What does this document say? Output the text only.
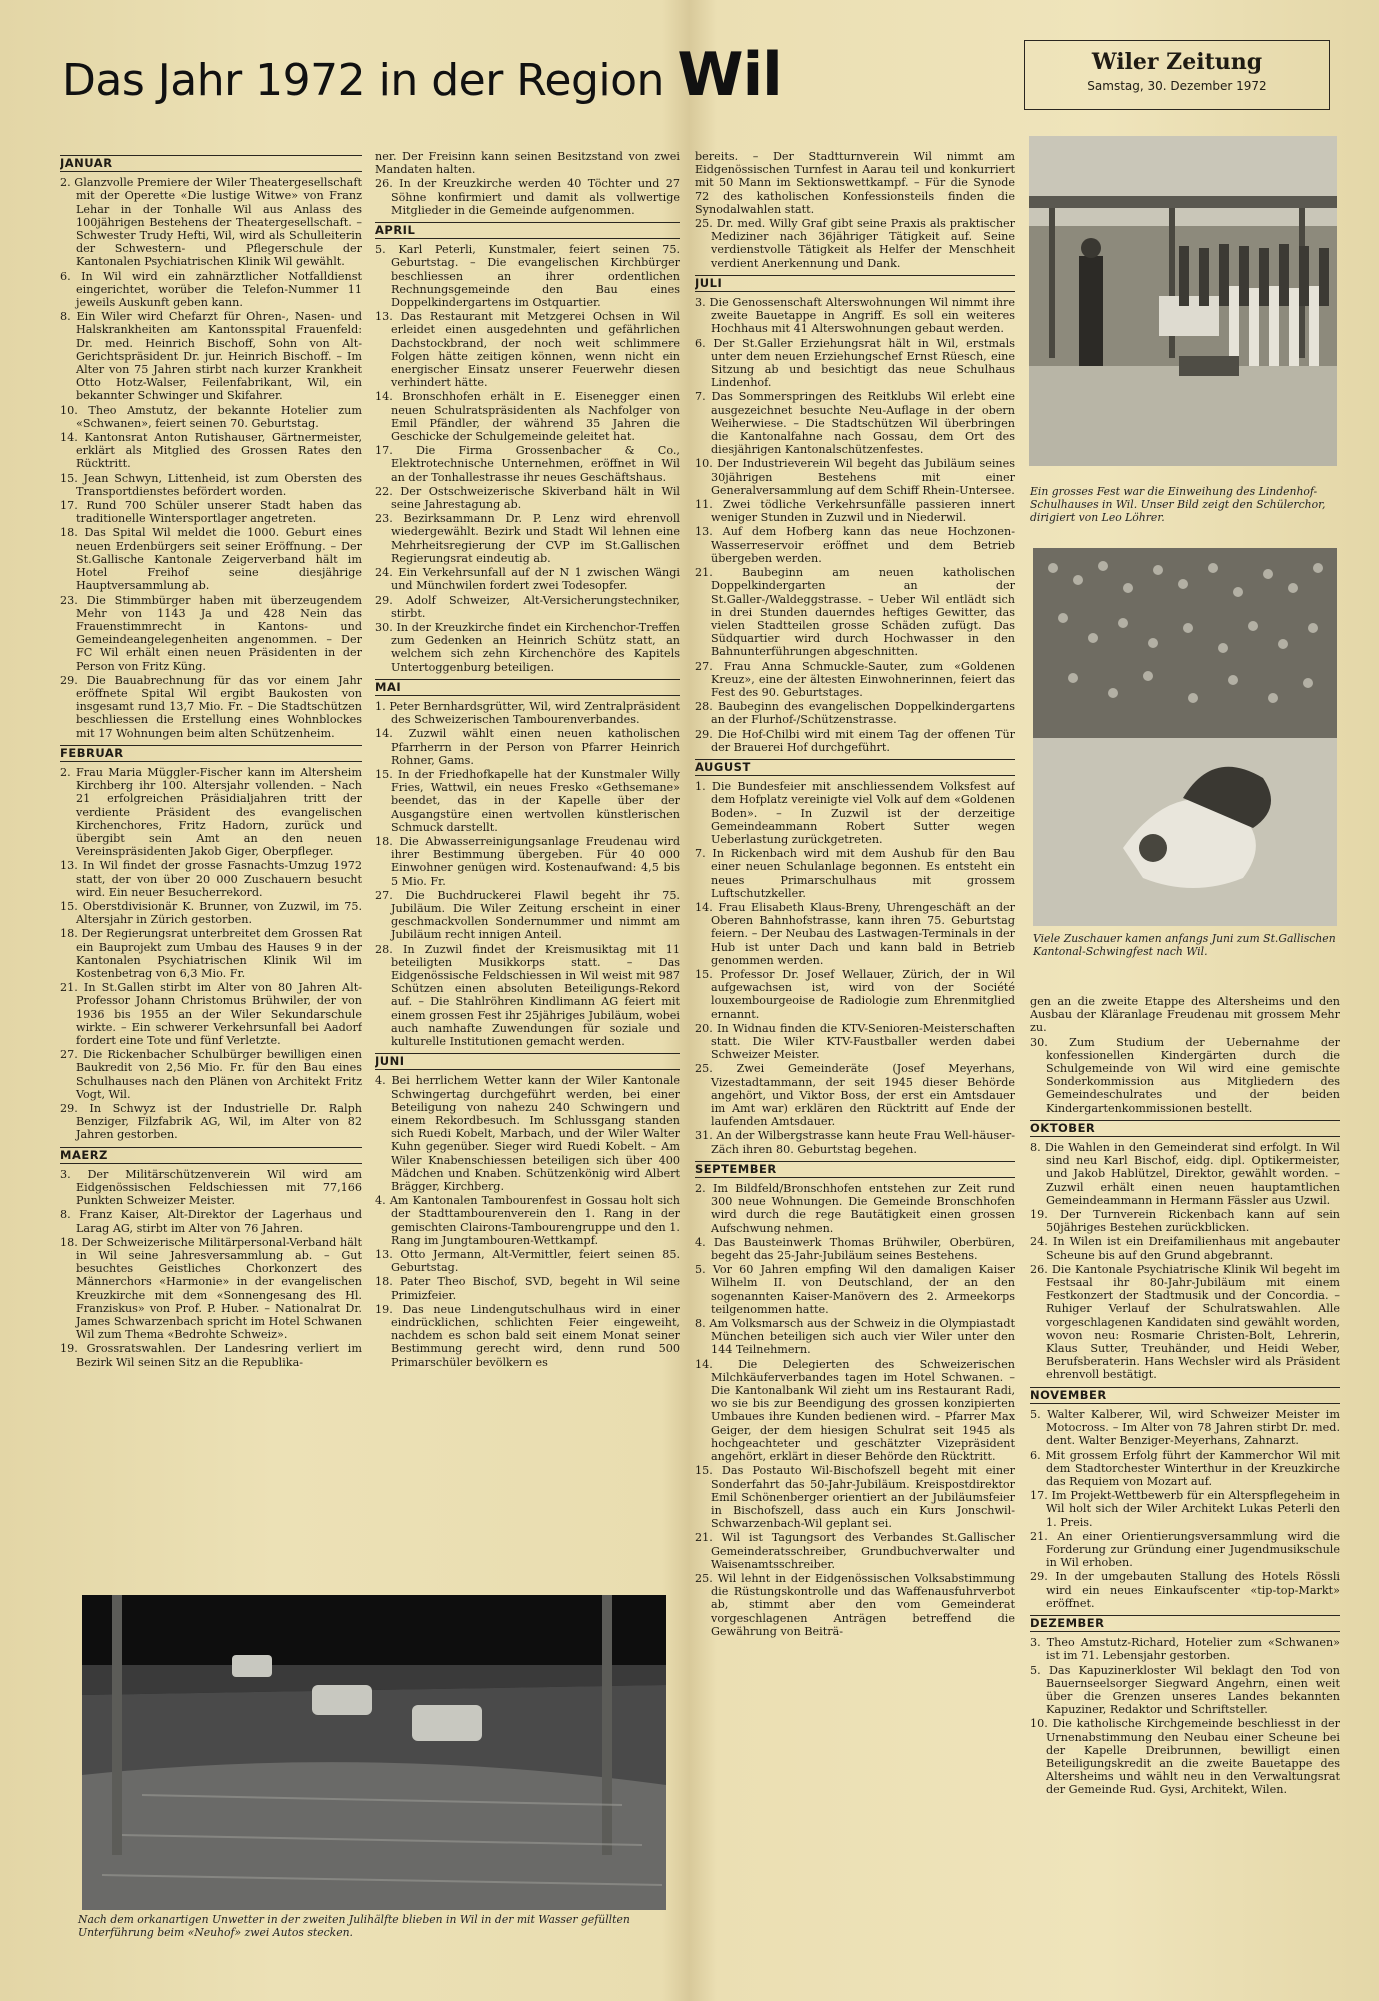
Das Jahr 1972 in der Region Wil	Wiler Zeitung
Samstag, 30. Dezember 1972
JANUAR
2. Glanzvolle Premiere der Wiler Theatergesellschaft mit der Operette «Die lustige Witwe» von Franz Lehar in der Tonhalle Wil aus Anlass des 100jährigen Bestehens der Theatergesellschaft. – Schwester Trudy Hefti, Wil, wird als Schulleiterin der Schwestern- und Pflegerschule der Kantonalen Psychiatrischen Klinik Wil gewählt.
6. In Wil wird ein zahnärztlicher Notfalldienst eingerichtet, worüber die Telefon-Nummer 11 jeweils Auskunft geben kann.
8. Ein Wiler wird Chefarzt für Ohren-, Nasen- und Halskrankheiten am Kantonsspital Frauenfeld: Dr. med. Heinrich Bischoff, Sohn von Alt-Gerichtspräsident Dr. jur. Heinrich Bischoff. – Im Alter von 75 Jahren stirbt nach kurzer Krankheit Otto Hotz-Walser, Feilenfabrikant, Wil, ein bekannter Schwinger und Skifahrer.
10. Theo Amstutz, der bekannte Hotelier zum «Schwanen», feiert seinen 70. Geburtstag.
14. Kantonsrat Anton Rutishauser, Gärtnermeister, erklärt als Mitglied des Grossen Rates den Rücktritt.
15. Jean Schwyn, Littenheid, ist zum Obersten des Transportdienstes befördert worden.
17. Rund 700 Schüler unserer Stadt haben das traditionelle Wintersportlager angetreten.
18. Das Spital Wil meldet die 1000. Geburt eines neuen Erdenbürgers seit seiner Eröffnung. – Der St.Gallische Kantonale Zeigerverband hält im Hotel Freihof seine diesjährige Hauptversammlung ab.
23. Die Stimmbürger haben mit überzeugendem Mehr von 1143 Ja und 428 Nein das Frauenstimmrecht in Kantons- und Gemeindeangelegenheiten angenommen. – Der FC Wil erhält einen neuen Präsidenten in der Person von Fritz Küng.
29. Die Bauabrechnung für das vor einem Jahr eröffnete Spital Wil ergibt Baukosten von insgesamt rund 13,7 Mio. Fr. – Die Stadtschützen beschliessen die Erstellung eines Wohnblockes mit 17 Wohnungen beim alten Schützenheim.
FEBRUAR
2. Frau Maria Müggler-Fischer kann im Altersheim Kirchberg ihr 100. Altersjahr vollenden. – Nach 21 erfolgreichen Präsidialjahren tritt der verdiente Präsident des evangelischen Kirchenchores, Fritz Hadorn, zurück und übergibt sein Amt an den neuen Vereinspräsidenten Jakob Giger, Oberpfleger.
13. In Wil findet der grosse Fasnachts-Umzug 1972 statt, der von über 20 000 Zuschauern besucht wird. Ein neuer Besucherrekord.
15. Oberstdivisionär K. Brunner, von Zuzwil, im 75. Altersjahr in Zürich gestorben.
18. Der Regierungsrat unterbreitet dem Grossen Rat ein Bauprojekt zum Umbau des Hauses 9 in der Kantonalen Psychiatrischen Klinik Wil im Kostenbetrag von 6,3 Mio. Fr.
21. In St.Gallen stirbt im Alter von 80 Jahren Alt-Professor Johann Christomus Brühwiler, der von 1936 bis 1955 an der Wiler Sekundarschule wirkte. – Ein schwerer Verkehrsunfall bei Aadorf fordert eine Tote und fünf Verletzte.
27. Die Rickenbacher Schulbürger bewilligen einen Baukredit von 2,56 Mio. Fr. für den Bau eines Schulhauses nach den Plänen von Architekt Fritz Vogt, Wil.
29. In Schwyz ist der Industrielle Dr. Ralph Benziger, Filzfabrik AG, Wil, im Alter von 82 Jahren gestorben.
MAERZ
3. Der Militärschützenverein Wil wird am Eidgenössischen Feldschiessen mit 77,166 Punkten Schweizer Meister.
8. Franz Kaiser, Alt-Direktor der Lagerhaus und Larag AG, stirbt im Alter von 76 Jahren.
18. Der Schweizerische Militärpersonal-Verband hält in Wil seine Jahresversammlung ab. – Gut besuchtes Geistliches Chorkonzert des Männerchors «Harmonie» in der evangelischen Kreuzkirche mit dem «Sonnengesang des Hl. Franziskus» von Prof. P. Huber. – Nationalrat Dr. James Schwarzenbach spricht im Hotel Schwanen Wil zum Thema «Bedrohte Schweiz».
19. Grossratswahlen. Der Landesring verliert im Bezirk Wil seinen Sitz an die Republika-
ner. Der Freisinn kann seinen Besitzstand von zwei Mandaten halten.
26. In der Kreuzkirche werden 40 Töchter und 27 Söhne konfirmiert und damit als vollwertige Mitglieder in die Gemeinde aufgenommen.
APRIL
5. Karl Peterli, Kunstmaler, feiert seinen 75. Geburtstag. – Die evangelischen Kirchbürger beschliessen an ihrer ordentlichen Rechnungsgemeinde den Bau eines Doppelkindergartens im Ostquartier.
13. Das Restaurant mit Metzgerei Ochsen in Wil erleidet einen ausgedehnten und gefährlichen Dachstockbrand, der noch weit schlimmere Folgen hätte zeitigen können, wenn nicht ein energischer Einsatz unserer Feuerwehr diesen verhindert hätte.
14. Bronschhofen erhält in E. Eisenegger einen neuen Schulratspräsidenten als Nachfolger von Emil Pfändler, der während 35 Jahren die Geschicke der Schulgemeinde geleitet hat.
17. Die Firma Grossenbacher & Co., Elektrotechnische Unternehmen, eröffnet in Wil an der Tonhallestrasse ihr neues Geschäftshaus.
22. Der Ostschweizerische Skiverband hält in Wil seine Jahrestagung ab.
23. Bezirksammann Dr. P. Lenz wird ehrenvoll wiedergewählt. Bezirk und Stadt Wil lehnen eine Mehrheitsregierung der CVP im St.Gallischen Regierungsrat eindeutig ab.
24. Ein Verkehrsunfall auf der N 1 zwischen Wängi und Münchwilen fordert zwei Todesopfer.
29. Adolf Schweizer, Alt-Versicherungstechniker, stirbt.
30. In der Kreuzkirche findet ein Kirchenchor-Treffen zum Gedenken an Heinrich Schütz statt, an welchem sich zehn Kirchenchöre des Kapitels Untertoggenburg beteiligen.
MAI
1. Peter Bernhardsgrütter, Wil, wird Zentralpräsident des Schweizerischen Tambourenverbandes.
14. Zuzwil wählt einen neuen katholischen Pfarrherrn in der Person von Pfarrer Heinrich Rohner, Gams.
15. In der Friedhofkapelle hat der Kunstmaler Willy Fries, Wattwil, ein neues Fresko «Gethsemane» beendet, das in der Kapelle über der Ausgangstüre einen wertvollen künstlerischen Schmuck darstellt.
18. Die Abwasserreinigungsanlage Freudenau wird ihrer Bestimmung übergeben. Für 40 000 Einwohner genügen wird. Kostenaufwand: 4,5 bis 5 Mio. Fr.
27. Die Buchdruckerei Flawil begeht ihr 75. Jubiläum. Die Wiler Zeitung erscheint in einer geschmackvollen Sondernummer und nimmt am Jubiläum recht innigen Anteil.
28. In Zuzwil findet der Kreismusiktag mit 11 beteiligten Musikkorps statt. – Das Eidgenössische Feldschiessen in Wil weist mit 987 Schützen einen absoluten Beteiligungs-Rekord auf. – Die Stahlröhren Kindlimann AG feiert mit einem grossen Fest ihr 25jähriges Jubiläum, wobei auch namhafte Zuwendungen für soziale und kulturelle Institutionen gemacht werden.
JUNI
4. Bei herrlichem Wetter kann der Wiler Kantonale Schwingertag durchgeführt werden, bei einer Beteiligung von nahezu 240 Schwingern und einem Rekordbesuch. Im Schlussgang standen sich Ruedi Kobelt, Marbach, und der Wiler Walter Kuhn gegenüber. Sieger wird Ruedi Kobelt. – Am Wiler Knabenschiessen beteiligen sich über 400 Mädchen und Knaben. Schützenkönig wird Albert Brägger, Kirchberg.
4. Am Kantonalen Tambourenfest in Gossau holt sich der Stadttambourenverein den 1. Rang in der gemischten Clairons-Tambourengruppe und den 1. Rang im Jungtambouren-Wettkampf.
13. Otto Jermann, Alt-Vermittler, feiert seinen 85. Geburtstag.
18. Pater Theo Bischof, SVD, begeht in Wil seine Primizfeier.
19. Das neue Lindengutschulhaus wird in einer eindrücklichen, schlichten Feier eingeweiht, nachdem es schon bald seit einem Monat seiner Bestimmung gerecht wird, denn rund 500 Primarschüler bevölkern es
bereits. – Der Stadtturnverein Wil nimmt am Eidgenössischen Turnfest in Aarau teil und konkurriert mit 50 Mann im Sektionswettkampf. – Für die Synode 72 des katholischen Konfessionsteils finden die Synodalwahlen statt.
25. Dr. med. Willy Graf gibt seine Praxis als praktischer Mediziner nach 36jähriger Tätigkeit auf. Seine verdienstvolle Tätigkeit als Helfer der Menschheit verdient Anerkennung und Dank.
JULI
3. Die Genossenschaft Alterswohnungen Wil nimmt ihre zweite Bauetappe in Angriff. Es soll ein weiteres Hochhaus mit 41 Alterswohnungen gebaut werden.
6. Der St.Galler Erziehungsrat hält in Wil, erstmals unter dem neuen Erziehungschef Ernst Rüesch, eine Sitzung ab und besichtigt das neue Schulhaus Lindenhof.
7. Das Sommerspringen des Reitklubs Wil erlebt eine ausgezeichnet besuchte Neu-Auflage in der obern Weiherwiese. – Die Stadtschützen Wil überbringen die Kantonalfahne nach Gossau, dem Ort des diesjährigen Kantonalschützenfestes.
10. Der Industrieverein Wil begeht das Jubiläum seines 30jährigen Bestehens mit einer Generalversammlung auf dem Schiff Rhein-Untersee.
11. Zwei tödliche Verkehrsunfälle passieren innert weniger Stunden in Zuzwil und in Niederwil.
13. Auf dem Hofberg kann das neue Hochzonen-Wasserreservoir eröffnet und dem Betrieb übergeben werden.
21. Baubeginn am neuen katholischen Doppelkindergarten an der St.Galler-/Waldeggstrasse. – Ueber Wil entlädt sich in drei Stunden dauerndes heftiges Gewitter, das vielen Stadtteilen grosse Schäden zufügt. Das Südquartier wird durch Hochwasser in den Bahnunterführungen abgeschnitten.
27. Frau Anna Schmuckle-Sauter, zum «Goldenen Kreuz», eine der ältesten Einwohnerinnen, feiert das Fest des 90. Geburtstages.
28. Baubeginn des evangelischen Doppelkindergartens an der Flurhof-/Schützenstrasse.
29. Die Hof-Chilbi wird mit einem Tag der offenen Tür der Brauerei Hof durchgeführt.
AUGUST
1. Die Bundesfeier mit anschliessendem Volksfest auf dem Hofplatz vereinigte viel Volk auf dem «Goldenen Boden». – In Zuzwil ist der derzeitige Gemeindeammann Robert Sutter wegen Ueberlastung zurückgetreten.
7. In Rickenbach wird mit dem Aushub für den Bau einer neuen Schulanlage begonnen. Es entsteht ein neues Primarschulhaus mit grossem Luftschutzkeller.
14. Frau Elisabeth Klaus-Breny, Uhrengeschäft an der Oberen Bahnhofstrasse, kann ihren 75. Geburtstag feiern. – Der Neubau des Lastwagen-Terminals in der Hub ist unter Dach und kann bald in Betrieb genommen werden.
15. Professor Dr. Josef Wellauer, Zürich, der in Wil aufgewachsen ist, wird von der Société louxembourgeoise de Radiologie zum Ehrenmitglied ernannt.
20. In Widnau finden die KTV-Senioren-Meisterschaften statt. Die Wiler KTV-Faustballer werden dabei Schweizer Meister.
25. Zwei Gemeinderäte (Josef Meyerhans, Vizestadtammann, der seit 1945 dieser Behörde angehört, und Viktor Boss, der erst ein Amtsdauer im Amt war) erklären den Rücktritt auf Ende der laufenden Amtsdauer.
31. An der Wilbergstrasse kann heute Frau Well-häuser-Zäch ihren 80. Geburtstag begehen.
SEPTEMBER
2. Im Bildfeld/Bronschhofen entstehen zur Zeit rund 300 neue Wohnungen. Die Gemeinde Bronschhofen wird durch die rege Bautätigkeit einen grossen Aufschwung nehmen.
4. Das Bausteinwerk Thomas Brühwiler, Oberbüren, begeht das 25-Jahr-Jubiläum seines Bestehens.
5. Vor 60 Jahren empfing Wil den damaligen Kaiser Wilhelm II. von Deutschland, der an den sogenannten Kaiser-Manövern des 2. Armeekorps teilgenommen hatte.
8. Am Volksmarsch aus der Schweiz in die Olympiastadt München beteiligen sich auch vier Wiler unter den 144 Teilnehmern.
14. Die Delegierten des Schweizerischen Milchkäuferverbandes tagen im Hotel Schwanen. – Die Kantonalbank Wil zieht um ins Restaurant Radi, wo sie bis zur Beendigung des grossen konzipierten Umbaues ihre Kunden bedienen wird. – Pfarrer Max Geiger, der dem hiesigen Schulrat seit 1945 als hochgeachteter und geschätzter Vizepräsident angehört, erklärt in dieser Behörde den Rücktritt.
15. Das Postauto Wil-Bischofszell begeht mit einer Sonderfahrt das 50-Jahr-Jubiläum. Kreispostdirektor Emil Schönenberger orientiert an der Jubiläumsfeier in Bischofszell, dass auch ein Kurs Jonschwil-Schwarzenbach-Wil geplant sei.
21. Wil ist Tagungsort des Verbandes St.Gallischer Gemeinderatsschreiber, Grundbuchverwalter und Waisenamtsschreiber.
25. Wil lehnt in der Eidgenössischen Volksabstimmung die Rüstungskontrolle und das Waffenausfuhrverbot ab, stimmt aber den vom Gemeinderat vorgeschlagenen Anträgen betreffend die Gewährung von Beiträ-
gen an die zweite Etappe des Altersheims und den Ausbau der Kläranlage Freudenau mit grossem Mehr zu.
30. Zum Studium der Uebernahme der konfessionellen Kindergärten durch die Schulgemeinde von Wil wird eine gemischte Sonderkommission aus Mitgliedern des Gemeindeschulrates und der beiden Kindergartenkommissionen bestellt.
OKTOBER
8. Die Wahlen in den Gemeinderat sind erfolgt. In Wil sind neu Karl Bischof, eidg. dipl. Optikermeister, und Jakob Hablützel, Direktor, gewählt worden. – Zuzwil erhält einen neuen hauptamtlichen Gemeindeammann in Hermann Fässler aus Uzwil.
19. Der Turnverein Rickenbach kann auf sein 50jähriges Bestehen zurückblicken.
24. In Wilen ist ein Dreifamilienhaus mit angebauter Scheune bis auf den Grund abgebrannt.
26. Die Kantonale Psychiatrische Klinik Wil begeht im Festsaal ihr 80-Jahr-Jubiläum mit einem Festkonzert der Stadtmusik und der Concordia. – Ruhiger Verlauf der Schulratswahlen. Alle vorgeschlagenen Kandidaten sind gewählt worden, wovon neu: Rosmarie Christen-Bolt, Lehrerin, Klaus Sutter, Treuhänder, und Heidi Weber, Berufsberaterin. Hans Wechsler wird als Präsident ehrenvoll bestätigt.
NOVEMBER
5. Walter Kalberer, Wil, wird Schweizer Meister im Motocross. – Im Alter von 78 Jahren stirbt Dr. med. dent. Walter Benziger-Meyerhans, Zahnarzt.
6. Mit grossem Erfolg führt der Kammerchor Wil mit dem Stadtorchester Winterthur in der Kreuzkirche das Requiem von Mozart auf.
17. Im Projekt-Wettbewerb für ein Alterspflegeheim in Wil holt sich der Wiler Architekt Lukas Peterli den 1. Preis.
21. An einer Orientierungsversammlung wird die Forderung zur Gründung einer Jugendmusikschule in Wil erhoben.
29. In der umgebauten Stallung des Hotels Rössli wird ein neues Einkaufscenter «tip-top-Markt» eröffnet.
DEZEMBER
3. Theo Amstutz-Richard, Hotelier zum «Schwanen» ist im 71. Lebensjahr gestorben.
5. Das Kapuzinerkloster Wil beklagt den Tod von Bauernseelsorger Siegward Angehrn, einen weit über die Grenzen unseres Landes bekannten Kapuziner, Redaktor und Schriftsteller.
10. Die katholische Kirchgemeinde beschliesst in der Urnenabstimmung den Neubau einer Scheune bei der Kapelle Dreibrunnen, bewilligt einen Beteiligungskredit an die zweite Bauetappe des Altersheims und wählt neu in den Verwaltungsrat der Gemeinde Rud. Gysi, Architekt, Wilen.
Ein grosses Fest war die Einweihung des Lindenhof-Schulhauses in Wil. Unser Bild zeigt den Schülerchor, dirigiert von Leo Löhrer.
Viele Zuschauer kamen anfangs Juni zum St.Gallischen Kantonal-Schwingfest nach Wil.
Nach dem orkanartigen Unwetter in der zweiten Julihälfte blieben in Wil in der mit Wasser gefüllten Unterführung beim «Neuhof» zwei Autos stecken.
